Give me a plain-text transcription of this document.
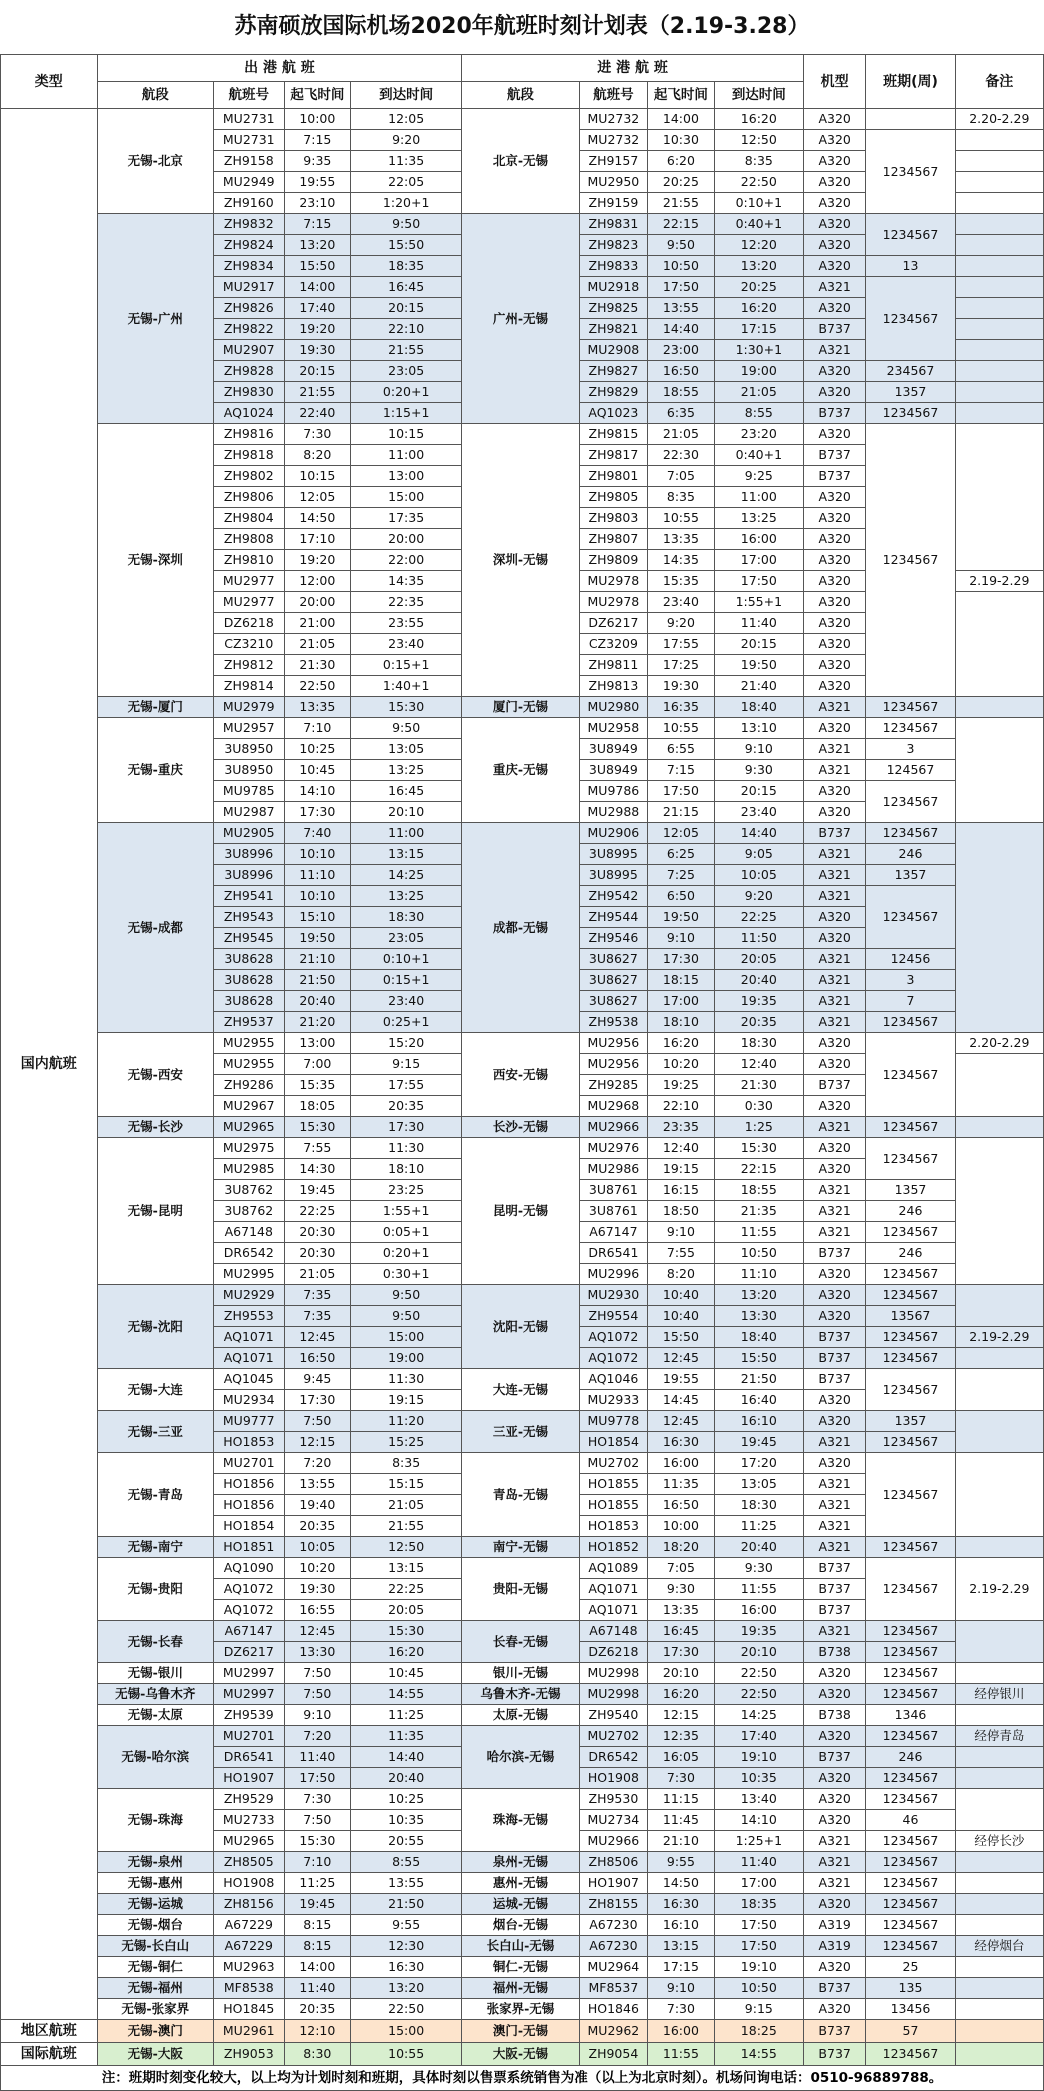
苏南硕放国际机场2020年航班时刻计划表（2.19-3.28）
类型	出 港 航 班				进 港 航 班				机型	班期(周)	备注
	航段	航班号	起飞时间	到达时间	航段	航班号	起飞时间	到达时间			
国内航班	无锡-北京	MU2731	10:00	12:05	北京-无锡	MU2732	14:00	16:20	A320		2.20-2.29
		MU2731	7:15	9:20		MU2732	10:30	12:50	A320	1234567	
		ZH9158	9:35	11:35		ZH9157	6:20	8:35	A320		
		MU2949	19:55	22:05		MU2950	20:25	22:50	A320		
		ZH9160	23:10	1:20+1		ZH9159	21:55	0:10+1	A320		
	无锡-广州	ZH9832	7:15	9:50	广州-无锡	ZH9831	22:15	0:40+1	A320	1234567	
		ZH9824	13:20	15:50		ZH9823	9:50	12:20	A320		
		ZH9834	15:50	18:35		ZH9833	10:50	13:20	A320	13	
		MU2917	14:00	16:45		MU2918	17:50	20:25	A321	1234567	
		ZH9826	17:40	20:15		ZH9825	13:55	16:20	A320		
		ZH9822	19:20	22:10		ZH9821	14:40	17:15	B737		
		MU2907	19:30	21:55		MU2908	23:00	1:30+1	A321		
		ZH9828	20:15	23:05		ZH9827	16:50	19:00	A320	234567	
		ZH9830	21:55	0:20+1		ZH9829	18:55	21:05	A320	1357	
		AQ1024	22:40	1:15+1		AQ1023	6:35	8:55	B737	1234567	
	无锡-深圳	ZH9816	7:30	10:15	深圳-无锡	ZH9815	21:05	23:20	A320	1234567	
		ZH9818	8:20	11:00		ZH9817	22:30	0:40+1	B737		
		ZH9802	10:15	13:00		ZH9801	7:05	9:25	B737		
		ZH9806	12:05	15:00		ZH9805	8:35	11:00	A320		
		ZH9804	14:50	17:35		ZH9803	10:55	13:25	A320		
		ZH9808	17:10	20:00		ZH9807	13:35	16:00	A320		
		ZH9810	19:20	22:00		ZH9809	14:35	17:00	A320		
		MU2977	12:00	14:35		MU2978	15:35	17:50	A320		2.19-2.29
		MU2977	20:00	22:35		MU2978	23:40	1:55+1	A320		
		DZ6218	21:00	23:55		DZ6217	9:20	11:40	A320		
		CZ3210	21:05	23:40		CZ3209	17:55	20:15	A320		
		ZH9812	21:30	0:15+1		ZH9811	17:25	19:50	A320		
		ZH9814	22:50	1:40+1		ZH9813	19:30	21:40	A320		
	无锡-厦门	MU2979	13:35	15:30	厦门-无锡	MU2980	16:35	18:40	A321	1234567	
	无锡-重庆	MU2957	7:10	9:50	重庆-无锡	MU2958	10:55	13:10	A320	1234567	
		3U8950	10:25	13:05		3U8949	6:55	9:10	A321	3	
		3U8950	10:45	13:25		3U8949	7:15	9:30	A321	124567	
		MU9785	14:10	16:45		MU9786	17:50	20:15	A320	1234567	
		MU2987	17:30	20:10		MU2988	21:15	23:40	A320		
	无锡-成都	MU2905	7:40	11:00	成都-无锡	MU2906	12:05	14:40	B737	1234567	
		3U8996	10:10	13:15		3U8995	6:25	9:05	A321	246	
		3U8996	11:10	14:25		3U8995	7:25	10:05	A321	1357	
		ZH9541	10:10	13:25		ZH9542	6:50	9:20	A321	1234567	
		ZH9543	15:10	18:30		ZH9544	19:50	22:25	A320		
		ZH9545	19:50	23:05		ZH9546	9:10	11:50	A320		
		3U8628	21:10	0:10+1		3U8627	17:30	20:05	A321	12456	
		3U8628	21:50	0:15+1		3U8627	18:15	20:40	A321	3	
		3U8628	20:40	23:40		3U8627	17:00	19:35	A321	7	
		ZH9537	21:20	0:25+1		ZH9538	18:10	20:35	A321	1234567	
	无锡-西安	MU2955	13:00	15:20	西安-无锡	MU2956	16:20	18:30	A320	1234567	2.20-2.29
		MU2955	7:00	9:15		MU2956	10:20	12:40	A320		
		ZH9286	15:35	17:55		ZH9285	19:25	21:30	B737		
		MU2967	18:05	20:35		MU2968	22:10	0:30	A320		
	无锡-长沙	MU2965	15:30	17:30	长沙-无锡	MU2966	23:35	1:25	A321	1234567	
	无锡-昆明	MU2975	7:55	11:30	昆明-无锡	MU2976	12:40	15:30	A320	1234567	
		MU2985	14:30	18:10		MU2986	19:15	22:15	A320		
		3U8762	19:45	23:25		3U8761	16:15	18:55	A321	1357	
		3U8762	22:25	1:55+1		3U8761	18:50	21:35	A321	246	
		A67148	20:30	0:05+1		A67147	9:10	11:55	A321	1234567	
		DR6542	20:30	0:20+1		DR6541	7:55	10:50	B737	246	
		MU2995	21:05	0:30+1		MU2996	8:20	11:10	A320	1234567	
	无锡-沈阳	MU2929	7:35	9:50	沈阳-无锡	MU2930	10:40	13:20	A320	1234567	
		ZH9553	7:35	9:50		ZH9554	10:40	13:30	A320	13567	
		AQ1071	12:45	15:00		AQ1072	15:50	18:40	B737	1234567	2.19-2.29
		AQ1071	16:50	19:00		AQ1072	12:45	15:50	B737	1234567	
	无锡-大连	AQ1045	9:45	11:30	大连-无锡	AQ1046	19:55	21:50	B737	1234567	
		MU2934	17:30	19:15		MU2933	14:45	16:40	A320		
	无锡-三亚	MU9777	7:50	11:20	三亚-无锡	MU9778	12:45	16:10	A320	1357	
		HO1853	12:15	15:25		HO1854	16:30	19:45	A321	1234567	
	无锡-青岛	MU2701	7:20	8:35	青岛-无锡	MU2702	16:00	17:20	A320	1234567	
		HO1856	13:55	15:15		HO1855	11:35	13:05	A321		
		HO1856	19:40	21:05		HO1855	16:50	18:30	A321		
		HO1854	20:35	21:55		HO1853	10:00	11:25	A321		
	无锡-南宁	HO1851	10:05	12:50	南宁-无锡	HO1852	18:20	20:40	A321	1234567	
	无锡-贵阳	AQ1090	10:20	13:15	贵阳-无锡	AQ1089	7:05	9:30	B737	1234567	2.19-2.29
		AQ1072	19:30	22:25		AQ1071	9:30	11:55	B737		
		AQ1072	16:55	20:05		AQ1071	13:35	16:00	B737		
	无锡-长春	A67147	12:45	15:30	长春-无锡	A67148	16:45	19:35	A321	1234567	
		DZ6217	13:30	16:20		DZ6218	17:30	20:10	B738	1234567	
	无锡-银川	MU2997	7:50	10:45	银川-无锡	MU2998	20:10	22:50	A320	1234567	
	无锡-乌鲁木齐	MU2997	7:50	14:55	乌鲁木齐-无锡	MU2998	16:20	22:50	A320	1234567	经停银川
	无锡-太原	ZH9539	9:10	11:25	太原-无锡	ZH9540	12:15	14:25	B738	1346	
	无锡-哈尔滨	MU2701	7:20	11:35	哈尔滨-无锡	MU2702	12:35	17:40	A320	1234567	经停青岛
		DR6541	11:40	14:40		DR6542	16:05	19:10	B737	246	
		HO1907	17:50	20:40		HO1908	7:30	10:35	A320	1234567	
	无锡-珠海	ZH9529	7:30	10:25	珠海-无锡	ZH9530	11:15	13:40	A320	1234567	
		MU2733	7:50	10:35		MU2734	11:45	14:10	A320	46	
		MU2965	15:30	20:55		MU2966	21:10	1:25+1	A321	1234567	经停长沙
	无锡-泉州	ZH8505	7:10	8:55	泉州-无锡	ZH8506	9:55	11:40	A321	1234567	
	无锡-惠州	HO1908	11:25	13:55	惠州-无锡	HO1907	14:50	17:00	A321	1234567	
	无锡-运城	ZH8156	19:45	21:50	运城-无锡	ZH8155	16:30	18:35	A320	1234567	
	无锡-烟台	A67229	8:15	9:55	烟台-无锡	A67230	16:10	17:50	A319	1234567	
	无锡-长白山	A67229	8:15	12:30	长白山-无锡	A67230	13:15	17:50	A319	1234567	经停烟台
	无锡-铜仁	MU2963	14:00	16:30	铜仁-无锡	MU2964	17:15	19:10	A320	25	
	无锡-福州	MF8538	11:40	13:20	福州-无锡	MF8537	9:10	10:50	B737	135	
	无锡-张家界	HO1845	20:35	22:50	张家界-无锡	HO1846	7:30	9:15	A320	13456	
地区航班	无锡-澳门	MU2961	12:10	15:00	澳门-无锡	MU2962	16:00	18:25	B737	57	
国际航班	无锡-大阪	ZH9053	8:30	10:55	大阪-无锡	ZH9054	11:55	14:55	B737	1234567	
注：班期时刻变化较大，以上均为计划时刻和班期，具体时刻以售票系统销售为准（以上为北京时刻）。机场问询电话：0510-96889788。
